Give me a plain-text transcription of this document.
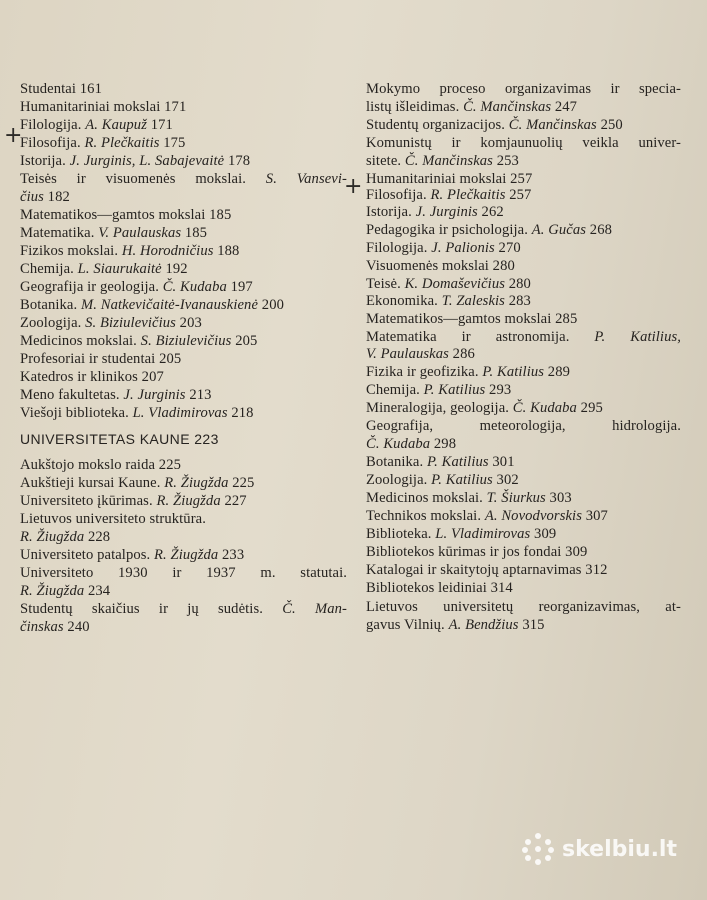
Studentai 161
Humanitariniai mokslai 171
Filologija. A. Kaupuž 171
Filosofija. R. Plečkaitis 175
Istorija. J. Jurginis, L. Sabajevaitė 178
Teisės ir visuomenės mokslai. S. Vansevi-
čius 182
Matematikos—gamtos mokslai 185
Matematika. V. Paulauskas 185
Fizikos mokslai. H. Horodničius 188
Chemija. L. Siaurukaitė 192
Geografija ir geologija. Č. Kudaba 197
Botanika. M. Natkevičaitė-Ivanauskienė 200
Zoologija. S. Biziulevičius 203
Medicinos mokslai. S. Biziulevičius 205
Profesoriai ir studentai 205
Katedros ir klinikos 207
Meno fakultetas. J. Jurginis 213
Viešoji biblioteka. L. Vladimirovas 218
UNIVERSITETAS KAUNE 223
Aukštojo mokslo raida 225
Aukštieji kursai Kaune. R. Žiugžda 225
Universiteto įkūrimas. R. Žiugžda 227
Lietuvos universiteto struktūra.
R. Žiugžda 228
Universiteto patalpos. R. Žiugžda 233
Universiteto 1930 ir 1937 m. statutai.
R. Žiugžda 234
Studentų skaičius ir jų sudėtis. Č. Man-
činskas 240
Mokymo proceso organizavimas ir specia-
listų išleidimas. Č. Mančinskas 247
Studentų organizacijos. Č. Mančinskas 250
Komunistų ir komjaunuolių veikla univer-
sitete. Č. Mančinskas 253
Humanitariniai mokslai 257
Filosofija. R. Plečkaitis 257
Istorija. J. Jurginis 262
Pedagogika ir psichologija. A. Gučas 268
Filologija. J. Palionis 270
Visuomenės mokslai 280
Teisė. K. Domaševičius 280
Ekonomika. T. Zaleskis 283
Matematikos—gamtos mokslai 285
Matematika ir astronomija. P. Katilius,
V. Paulauskas 286
Fizika ir geofizika. P. Katilius 289
Chemija. P. Katilius 293
Mineralogija, geologija. Č. Kudaba 295
Geografija, meteorologija, hidrologija.
Č. Kudaba 298
Botanika. P. Katilius 301
Zoologija. P. Katilius 302
Medicinos mokslai. T. Šiurkus 303
Technikos mokslai. A. Novodvorskis 307
Biblioteka. L. Vladimirovas 309
Bibliotekos kūrimas ir jos fondai 309
Katalogai ir skaitytojų aptarnavimas 312
Bibliotekos leidiniai 314
Lietuvos universitetų reorganizavimas, at-
gavus Vilnių. A. Bendžius 315
+
+
skelbiu.lt
